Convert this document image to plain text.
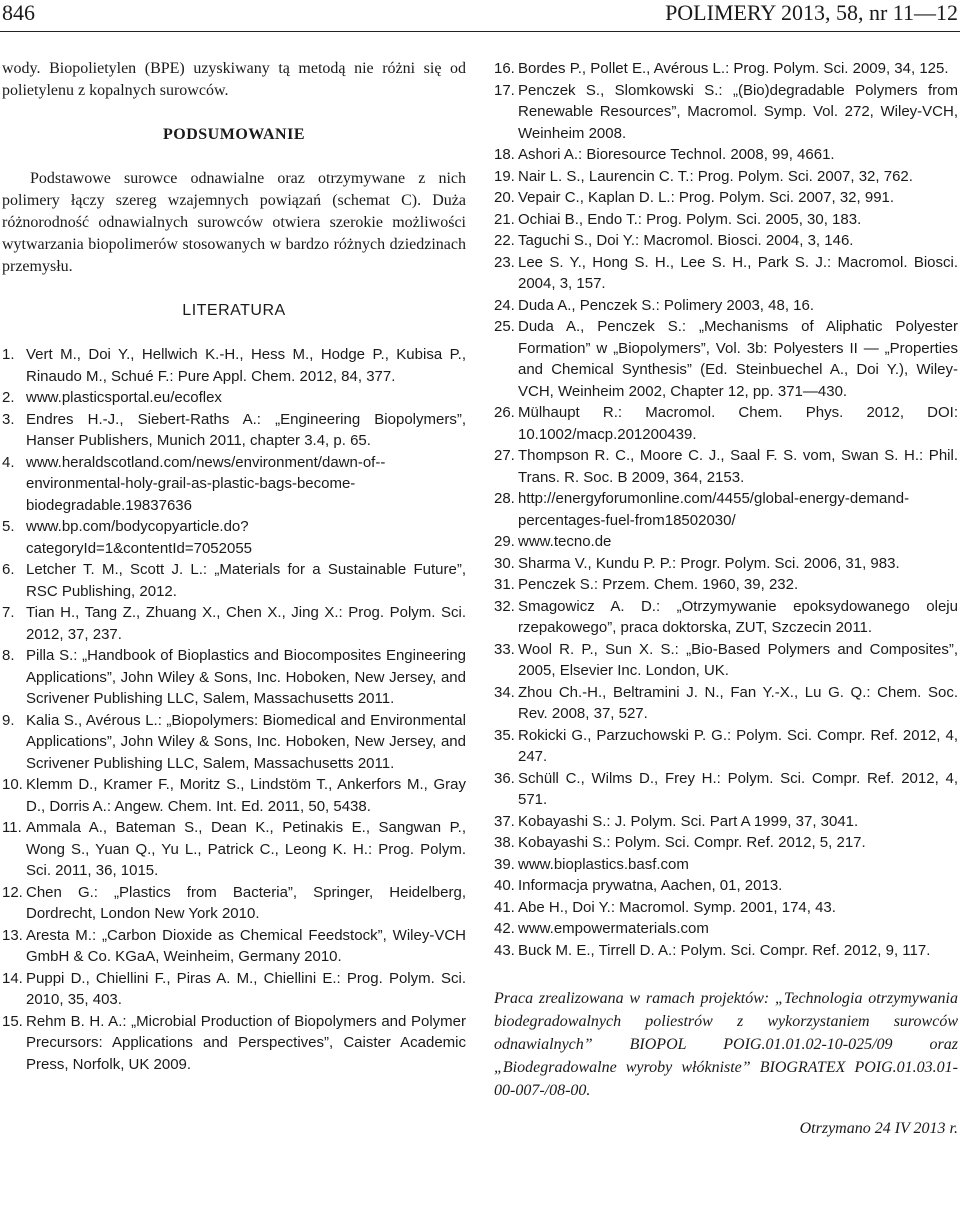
846	POLIMERY 2013, 58, nr 11—12

wody. Biopolietylen (BPE) uzyskiwany tą metodą nie różni się od polietylenu z kopalnych surowców.

PODSUMOWANIE

Podstawowe surowce odnawialne oraz otrzymywane z nich polimery łączy szereg wzajemnych powiązań (schemat C). Duża różnorodność odnawialnych surowców otwiera szerokie możliwości wytwarzania biopolimerów stosowanych w bardzo różnych dziedzinach przemysłu.

LITERATURA
1. Vert M., Doi Y., Hellwich K.-H., Hess M., Hodge P., Kubisa P., Rinaudo M., Schué F.: Pure Appl. Chem. 2012, 84, 377.
2. www.plasticsportal.eu/ecoflex
3. Endres H.-J., Siebert-Raths A.: „Engineering Biopolymers”, Hanser Publishers, Munich 2011, chapter 3.4, p. 65.
4. www.heraldscotland.com/news/environment/dawn-of--environmental-holy-grail-as-plastic-bags-become-biodegradable.19837636
5. www.bp.com/bodycopyarticle.do?categoryId=1&contentId=7052055
6. Letcher T. M., Scott J. L.: „Materials for a Sustainable Future”, RSC Publishing, 2012.
7. Tian H., Tang Z., Zhuang X., Chen X., Jing X.: Prog. Polym. Sci. 2012, 37, 237.
8. Pilla S.: „Handbook of Bioplastics and Biocomposites Engineering Applications”, John Wiley & Sons, Inc. Hoboken, New Jersey, and Scrivener Publishing LLC, Salem, Massachusetts 2011.
9. Kalia S., Avérous L.: „Biopolymers: Biomedical and Environmental Applications”, John Wiley & Sons, Inc. Hoboken, New Jersey, and Scrivener Publishing LLC, Salem, Massachusetts 2011.
10. Klemm D., Kramer F., Moritz S., Lindstöm T., Ankerfors M., Gray D., Dorris A.: Angew. Chem. Int. Ed. 2011, 50, 5438.
11. Ammala A., Bateman S., Dean K., Petinakis E., Sangwan P., Wong S., Yuan Q., Yu L., Patrick C., Leong K. H.: Prog. Polym. Sci. 2011, 36, 1015.
12. Chen G.: „Plastics from Bacteria”, Springer, Heidelberg, Dordrecht, London New York 2010.
13. Aresta M.: „Carbon Dioxide as Chemical Feedstock”, Wiley-VCH GmbH & Co. KGaA, Weinheim, Germany 2010.
14. Puppi D., Chiellini F., Piras A. M., Chiellini E.: Prog. Polym. Sci. 2010, 35, 403.
15. Rehm B. H. A.: „Microbial Production of Biopolymers and Polymer Precursors: Applications and Perspectives”, Caister Academic Press, Norfolk, UK 2009.
16. Bordes P., Pollet E., Avérous L.: Prog. Polym. Sci. 2009, 34, 125.
17. Penczek S., Slomkowski S.: „(Bio)degradable Polymers from Renewable Resources”, Macromol. Symp. Vol. 272, Wiley-VCH, Weinheim 2008.
18. Ashori A.: Bioresource Technol. 2008, 99, 4661.
19. Nair L. S., Laurencin C. T.: Prog. Polym. Sci. 2007, 32, 762.
20. Vepair C., Kaplan D. L.: Prog. Polym. Sci. 2007, 32, 991.
21. Ochiai B., Endo T.: Prog. Polym. Sci. 2005, 30, 183.
22. Taguchi S., Doi Y.: Macromol. Biosci. 2004, 3, 146.
23. Lee S. Y., Hong S. H., Lee S. H., Park S. J.: Macromol. Biosci. 2004, 3, 157.
24. Duda A., Penczek S.: Polimery 2003, 48, 16.
25. Duda A., Penczek S.: „Mechanisms of Aliphatic Polyester Formation” w „Biopolymers”, Vol. 3b: Polyesters II — „Properties and Chemical Synthesis” (Ed. Steinbuechel A., Doi Y.), Wiley-VCH, Weinheim 2002, Chapter 12, pp. 371—430.
26. Mülhaupt R.: Macromol. Chem. Phys. 2012, DOI: 10.1002/macp.201200439.
27. Thompson R. C., Moore C. J., Saal F. S. vom, Swan S. H.: Phil. Trans. R. Soc. B 2009, 364, 2153.
28. http://energyforumonline.com/4455/global-energy-demand-percentages-fuel-from18502030/
29. www.tecno.de
30. Sharma V., Kundu P. P.: Progr. Polym. Sci. 2006, 31, 983.
31. Penczek S.: Przem. Chem. 1960, 39, 232.
32. Smagowicz A. D.: „Otrzymywanie epoksydowanego oleju rzepakowego”, praca doktorska, ZUT, Szczecin 2011.
33. Wool R. P., Sun X. S.: „Bio-Based Polymers and Composites”, 2005, Elsevier Inc. London, UK.
34. Zhou Ch.-H., Beltramini J. N., Fan Y.-X., Lu G. Q.: Chem. Soc. Rev. 2008, 37, 527.
35. Rokicki G., Parzuchowski P. G.: Polym. Sci. Compr. Ref. 2012, 4, 247.
36. Schüll C., Wilms D., Frey H.: Polym. Sci. Compr. Ref. 2012, 4, 571.
37. Kobayashi S.: J. Polym. Sci. Part A 1999, 37, 3041.
38. Kobayashi S.: Polym. Sci. Compr. Ref. 2012, 5, 217.
39. www.bioplastics.basf.com
40. Informacja prywatna, Aachen, 01, 2013.
41. Abe H., Doi Y.: Macromol. Symp. 2001, 174, 43.
42. www.empowermaterials.com
43. Buck M. E., Tirrell D. A.: Polym. Sci. Compr. Ref. 2012, 9, 117.

Praca zrealizowana w ramach projektów: „Technologia otrzymywania biodegradowalnych poliestrów z wykorzystaniem surowców odnawialnych” BIOPOL POIG.01.01.02-10-025/09 oraz „Biodegradowalne wyroby włókniste” BIOGRATEX POIG.01.03.01-00-007-/08-00.

Otrzymano 24 IV 2013 r.
